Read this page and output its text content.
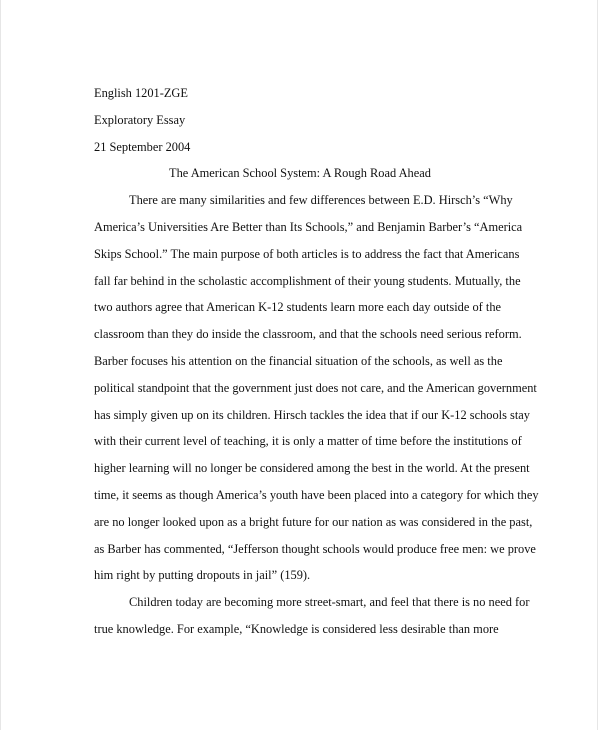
English 1201-ZGE
Exploratory Essay
21 September 2004
The American School System: A Rough Road Ahead
There are many similarities and few differences between E.D. Hirsch’s “Why
America’s Universities Are Better than Its Schools,” and Benjamin Barber’s “America
Skips School.” The main purpose of both articles is to address the fact that Americans
fall far behind in the scholastic accomplishment of their young students. Mutually, the
two authors agree that American K-12 students learn more each day outside of the
classroom than they do inside the classroom, and that the schools need serious reform.
Barber focuses his attention on the financial situation of the schools, as well as the
political standpoint that the government just does not care, and the American government
has simply given up on its children. Hirsch tackles the idea that if our K-12 schools stay
with their current level of teaching, it is only a matter of time before the institutions of
higher learning will no longer be considered among the best in the world. At the present
time, it seems as though America’s youth have been placed into a category for which they
are no longer looked upon as a bright future for our nation as was considered in the past,
as Barber has commented, “Jefferson thought schools would produce free men: we prove
him right by putting dropouts in jail” (159).
Children today are becoming more street-smart, and feel that there is no need for
true knowledge. For example, “Knowledge is considered less desirable than more
